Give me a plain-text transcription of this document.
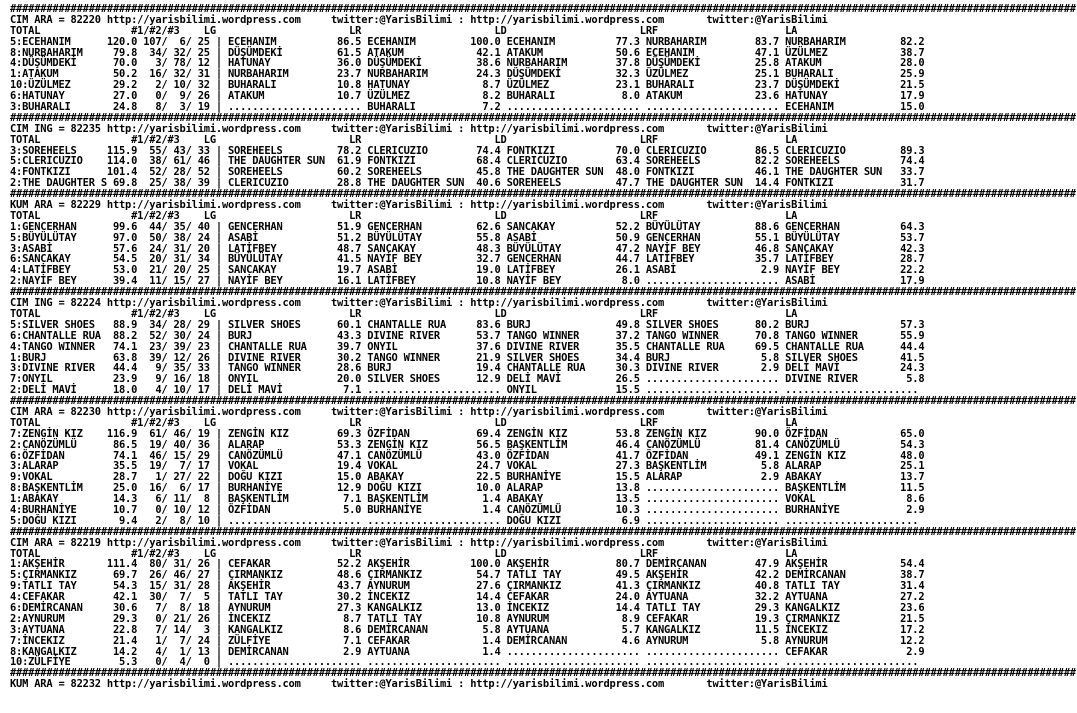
################################################################################################################################################################################
CIM ARA = 82220 http://yarisbilimi.wordpress.com     twitter:@YarisBilimi : http://yarisbilimi.wordpress.com       twitter:@YarisBilimi
TOTAL               #1/#2/#3    LG                      LR                      LD                      LRF                     LA
5:ECEHANIM      120.0 107/  6/ 25 | ECEHANIM          86.5 ECEHANIM         100.0 ECEHANIM          77.3 NURBAHARIM        83.7 NURBAHARIM         82.2
8:NURBAHARIM     79.8  34/ 32/ 25 | DÜŞÜMDEKİ         61.5 ATAKUM            42.1 ATAKUM            50.6 ECEHANIM          47.1 ÜZÜLMEZ            38.7
4:DÜŞÜMDEKİ      70.0   3/ 78/ 12 | HATUNAY           36.0 DÜŞÜMDEKİ         38.6 NURBAHARIM        37.8 DÜŞÜMDEKİ         25.8 ATAKUM             28.0
1:ATAKUM         50.2  16/ 32/ 31 | NURBAHARIM        23.7 NURBAHARIM        24.3 DÜŞÜMDEKİ         32.3 ÜZÜLMEZ           25.1 BUHARALI           25.9
10:ÜZÜLMEZ       29.2   2/ 10/ 32 | BUHARALI          10.8 HATUNAY            8.7 ÜZÜLMEZ           23.1 BUHARALI          23.7 DÜŞÜMDEKİ          21.5
6:HATUNAY        27.0   0/  9/ 26 | ATAKUM            10.7 ÜZÜLMEZ            8.2 BUHARALI           8.0 ATAKUM            23.6 HATUNAY            17.9
3:BUHARALI       24.8   8/  3/ 19 | ...................... BUHARALI           7.2 ...................... ...................... ECEHANIM           15.0
################################################################################################################################################################################
CIM ING = 82235 http://yarisbilimi.wordpress.com     twitter:@YarisBilimi : http://yarisbilimi.wordpress.com       twitter:@YarisBilimi
TOTAL               #1/#2/#3    LG                      LR                      LD                      LRF                     LA
3:SOREHEELS     115.9  55/ 43/ 33 | SOREHEELS         78.2 CLERICUZIO        74.4 FONTKIZI          70.0 CLERICUZIO        86.5 CLERICUZIO         89.3
5:CLERICUZIO    114.0  38/ 61/ 46 | THE DAUGHTER SUN  61.9 FONTKIZI          68.4 CLERICUZIO        63.4 SOREHEELS         82.2 SOREHEELS          74.4
4:FONTKIZI      101.4  52/ 28/ 52 | SOREHEELS         60.2 SOREHEELS         45.8 THE DAUGHTER SUN  48.0 FONTKIZI          46.1 THE DAUGHTER SUN   33.7
2:THE DAUGHTER S 69.8  25/ 38/ 39 | CLERICUZIO        28.8 THE DAUGHTER SUN  40.6 SOREHEELS         47.7 THE DAUGHTER SUN  14.4 FONTKIZI           31.7
################################################################################################################################################################################
KUM ARA = 82229 http://yarisbilimi.wordpress.com     twitter:@YarisBilimi : http://yarisbilimi.wordpress.com       twitter:@YarisBilimi
TOTAL               #1/#2/#3    LG                      LR                      LD                      LRF                     LA
1:GENCERHAN      99.6  44/ 35/ 40 | GENCERHAN         51.9 GENCERHAN         62.6 SANCAKAY          52.2 BÜYÜLÜTAY         88.6 GENCERHAN          64.3
5:BÜYÜLÜTAY      97.0  50/ 38/ 24 | ASABİ             51.2 BÜYÜLÜTAY         55.8 ASABİ             50.9 GENCERHAN         55.1 BÜYÜLÜTAY          53.7
3:ASABİ          57.6  24/ 31/ 20 | LATİFBEY          48.7 SANCAKAY          48.3 BÜYÜLÜTAY         47.2 NAYİF BEY         46.8 SANCAKAY           42.3
6:SANCAKAY       54.5  20/ 31/ 34 | BÜYÜLÜTAY         41.5 NAYİF BEY         32.7 GENCERHAN         44.7 LATİFBEY          35.7 LATİFBEY           28.7
4:LATİFBEY       53.0  21/ 20/ 25 | SANCAKAY          19.7 ASABİ             19.0 LATİFBEY          26.1 ASABİ              2.9 NAYİF BEY          22.2
2:NAYİF BEY      39.4  11/ 15/ 27 | NAYİF BEY         16.1 LATİFBEY          10.8 NAYİF BEY          8.0 ...................... ASABİ              17.9
################################################################################################################################################################################
CIM ING = 82224 http://yarisbilimi.wordpress.com     twitter:@YarisBilimi : http://yarisbilimi.wordpress.com       twitter:@YarisBilimi
TOTAL               #1/#2/#3    LG                      LR                      LD                      LRF                     LA
5:SILVER SHOES   88.9  34/ 28/ 29 | SILVER SHOES      60.1 CHANTALLE RUA     83.6 BURJ              49.8 SILVER SHOES      80.2 BURJ               57.3
6:CHANTALLE RUA  88.2  52/ 30/ 24 | BURJ              43.3 DIVINE RIVER      53.7 TANGO WINNER      37.2 TANGO WINNER      70.8 TANGO WINNER       55.9
4:TANGO WINNER   74.1  23/ 39/ 23 | CHANTALLE RUA     39.7 ONYIL             37.6 DIVINE RIVER      35.5 CHANTALLE RUA     69.5 CHANTALLE RUA      44.4
1:BURJ           63.8  39/ 12/ 26 | DIVINE RIVER      30.2 TANGO WINNER      21.9 SILVER SHOES      34.4 BURJ               5.8 SILVER SHOES       41.5
3:DIVINE RIVER   44.4   9/ 35/ 33 | TANGO WINNER      28.6 BURJ              19.4 CHANTALLE RUA     30.3 DIVINE RIVER       2.9 DELİ MAVİ          24.3
7:ONYIL          23.9   9/ 16/ 18 | ONYIL             20.0 SILVER SHOES      12.9 DELİ MAVİ         26.5 ...................... DIVINE RIVER        5.8
2:DELİ MAVİ      18.0   4/ 10/ 17 | DELİ MAVİ          7.1 ...................... ONYIL             15.5 ...................... ......................
################################################################################################################################################################################
CIM ARA = 82230 http://yarisbilimi.wordpress.com     twitter:@YarisBilimi : http://yarisbilimi.wordpress.com       twitter:@YarisBilimi
TOTAL               #1/#2/#3    LG                      LR                      LD                      LRF                     LA
7:ZENGİN KIZ    116.9  61/ 46/ 19 | ZENGİN KIZ        69.3 ÖZFİDAN           69.4 ZENGİN KIZ        53.8 ZENGİN KIZ        90.0 ÖZFİDAN            65.0
2:CANÖZÜMLÜ      86.5  19/ 40/ 36 | ALARAP            53.3 ZENGİN KIZ        56.5 BAŞKENTLİM        46.4 CANÖZÜMLÜ         81.4 CANÖZÜMLÜ          54.3
6:ÖZFİDAN        74.1  46/ 15/ 29 | CANÖZÜMLÜ         47.1 CANÖZÜMLÜ         43.0 ÖZFİDAN           41.7 ÖZFİDAN           49.1 ZENGİN KIZ         48.0
3:ALARAP         35.5  19/  7/ 17 | VOKAL             19.4 VOKAL             24.7 VOKAL             27.3 BAŞKENTLİM         5.8 ALARAP             25.1
9:VOKAL          28.7   1/ 27/ 22 | DOĞU KIZI         15.0 ABAKAY            22.5 BURHANİYE         15.5 ALARAP             2.9 ABAKAY             13.7
8:BAŞKENTLİM     25.0  16/  6/ 17 | BURHANİYE         12.9 DOĞU KIZI         10.0 ALARAP            13.8 ...................... BAŞKENTLİM         11.5
1:ABAKAY         14.3   6/ 11/  8 | BAŞKENTLİM         7.1 BAŞKENTLİM         1.4 ABAKAY            13.5 ...................... VOKAL               8.6
4:BURHANİYE      10.7   0/ 10/ 12 | ÖZFİDAN            5.0 BURHANİYE          1.4 CANÖZÜMLÜ         10.3 ...................... BURHANİYE           2.9
5:DOĞU KIZI       9.4   2/  8/ 10 | ...................... ...................... DOĞU KIZI          6.9 ...................... ......................
################################################################################################################################################################################
CIM ARA = 82219 http://yarisbilimi.wordpress.com     twitter:@YarisBilimi : http://yarisbilimi.wordpress.com       twitter:@YarisBilimi
TOTAL               #1/#2/#3    LG                      LR                      LD                      LRF                     LA
1:AKŞEHİR       111.4  80/ 31/ 26 | CEFAKAR           52.2 AKŞEHİR          100.0 AKŞEHİR           80.7 DEMİRCANAN        47.9 AKŞEHİR            54.4
5:ÇIRMANKIZ      69.7  26/ 46/ 27 | ÇIRMANKIZ         48.6 ÇIRMANKIZ         54.7 TATLI TAY         49.5 AKŞEHİR           42.2 DEMİRCANAN         38.7
9:TATLI TAY      54.3  15/ 31/ 28 | AKŞEHİR           43.7 AYNURUM           27.6 ÇIRMANKIZ         41.3 ÇIRMANKIZ         40.8 TATLI TAY          31.4
4:CEFAKAR        42.1  30/  7/  5 | TATLI TAY         30.2 İNCEKIZ           14.4 CEFAKAR           24.0 AYTUANA           32.2 AYTUANA            27.2
6:DEMİRCANAN     30.6   7/  8/ 18 | AYNURUM           27.3 KANGALKIZ         13.0 İNCEKIZ           14.4 TATLI TAY         29.3 KANGALKIZ          23.6
2:AYNURUM        29.3   0/ 21/ 26 | İNCEKIZ            8.7 TATLI TAY         10.8 AYNURUM            8.9 CEFAKAR           19.3 ÇIRMANKIZ          21.5
3:AYTUANA        22.8   7/ 14/  3 | KANGALKIZ          8.6 DEMİRCANAN         5.8 AYTUANA            5.7 KANGALKIZ         11.5 İNCEKIZ            17.2
7:İNCEKIZ        21.4   1/  7/ 24 | ZÜLFİYE            7.1 CEFAKAR            1.4 DEMİRCANAN         4.6 AYNURUM            5.8 AYNURUM            12.2
8:KANGALKIZ      14.2   4/  1/ 13 | DEMİRCANAN         2.9 AYTUANA            1.4 ...................... ...................... CEFAKAR             2.9
10:ZÜLFİYE        5.3   0/  4/  0 | ...................... ...................... ...................... ...................... ......................
################################################################################################################################################################################
KUM ARA = 82232 http://yarisbilimi.wordpress.com     twitter:@YarisBilimi : http://yarisbilimi.wordpress.com       twitter:@YarisBilimi
